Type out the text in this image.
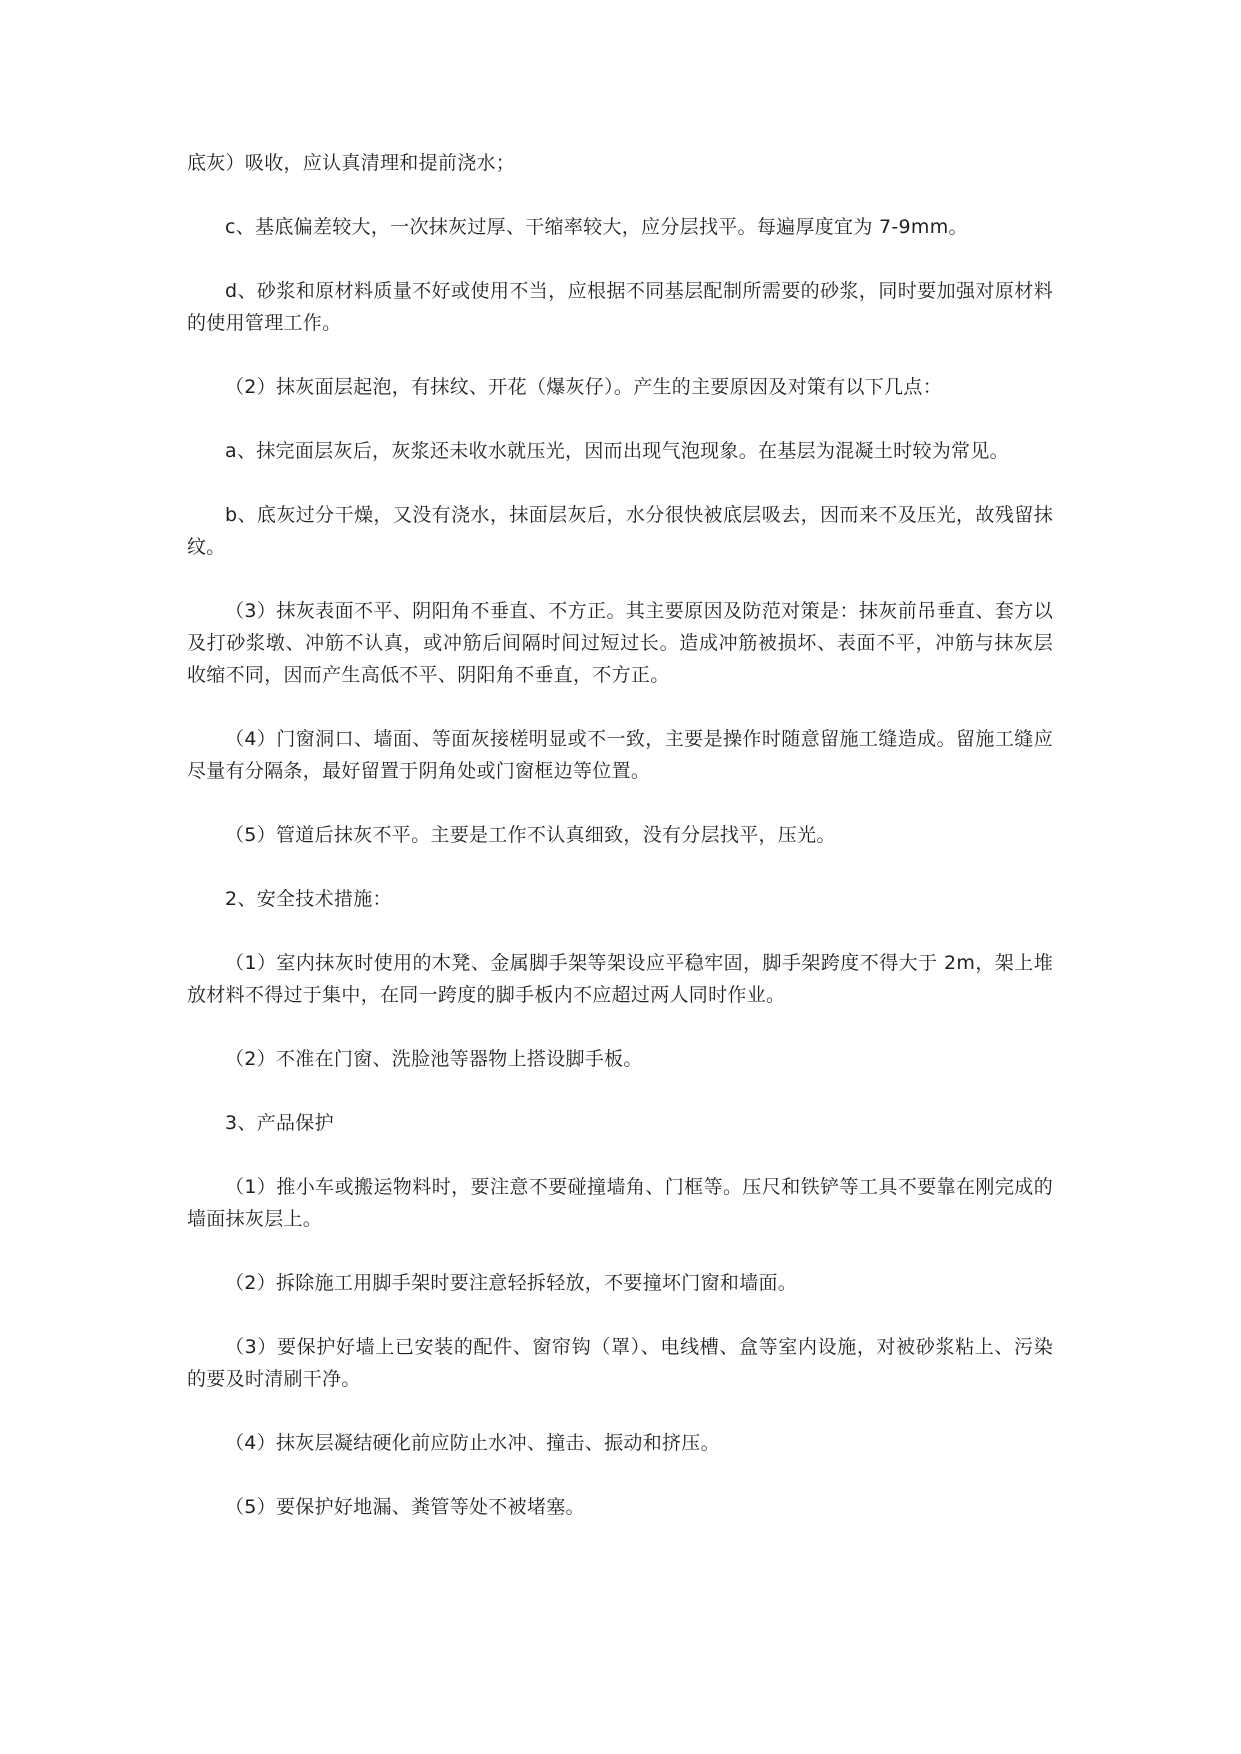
底灰）吸收，应认真清理和提前浇水；

c、基底偏差较大，一次抹灰过厚、干缩率较大，应分层找平。每遍厚度宜为 7-9mm。

d、砂浆和原材料质量不好或使用不当，应根据不同基层配制所需要的砂浆，同时要加强对原材料的使用管理工作。

（2）抹灰面层起泡，有抹纹、开花（爆灰仔）。产生的主要原因及对策有以下几点：

a、抹完面层灰后，灰浆还未收水就压光，因而出现气泡现象。在基层为混凝土时较为常见。

b、底灰过分干燥，又没有浇水，抹面层灰后，水分很快被底层吸去，因而来不及压光，故残留抹纹。

（3）抹灰表面不平、阴阳角不垂直、不方正。其主要原因及防范对策是：抹灰前吊垂直、套方以及打砂浆墩、冲筋不认真，或冲筋后间隔时间过短过长。造成冲筋被损坏、表面不平，冲筋与抹灰层收缩不同，因而产生高低不平、阴阳角不垂直，不方正。

（4）门窗洞口、墙面、等面灰接槎明显或不一致，主要是操作时随意留施工缝造成。留施工缝应尽量有分隔条，最好留置于阴角处或门窗框边等位置。

（5）管道后抹灰不平。主要是工作不认真细致，没有分层找平，压光。

2、安全技术措施：

（1）室内抹灰时使用的木凳、金属脚手架等架设应平稳牢固，脚手架跨度不得大于 2m，架上堆放材料不得过于集中，在同一跨度的脚手板内不应超过两人同时作业。

（2）不准在门窗、洗脸池等器物上搭设脚手板。

3、产品保护

（1）推小车或搬运物料时，要注意不要碰撞墙角、门框等。压尺和铁铲等工具不要靠在刚完成的墙面抹灰层上。

（2）拆除施工用脚手架时要注意轻拆轻放，不要撞坏门窗和墙面。

（3）要保护好墙上已安装的配件、窗帘钩（罩）、电线槽、盒等室内设施，对被砂浆粘上、污染的要及时清刷干净。

（4）抹灰层凝结硬化前应防止水冲、撞击、振动和挤压。

（5）要保护好地漏、粪管等处不被堵塞。
